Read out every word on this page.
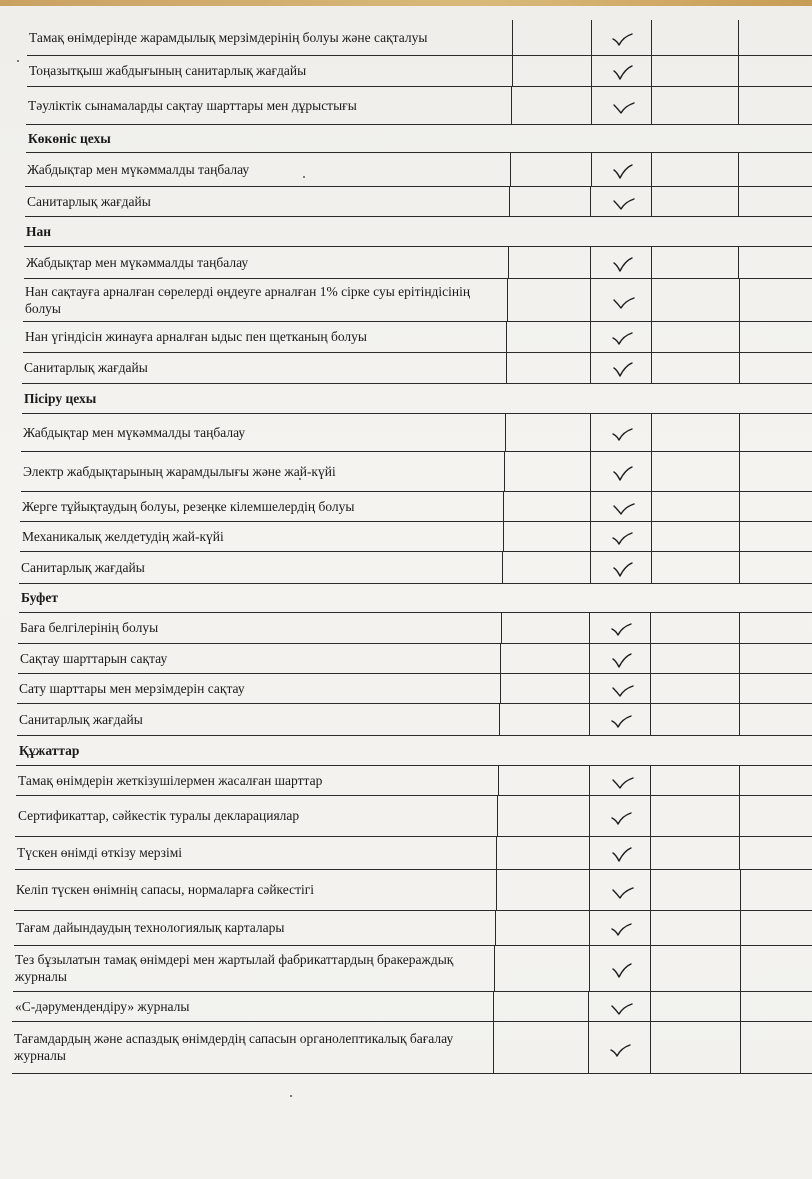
Тамақ өнімдерінде жарамдылық мерзімдерінің болуы және сақталуы
Тоңазытқыш жабдығының санитарлық жағдайы
Тәуліктік сынамаларды сақтау шарттары мен дұрыстығы
Көкөніс цехы
Жабдықтар мен мүкәммалды таңбалау
Санитарлық жағдайы
Нан
Жабдықтар мен мүкәммалды таңбалау
Нан сақтауға арналған сөрелерді өңдеуге арналған 1% сірке суы ерітіндісінің болуы
Нан үгіндісін жинауға арналған ыдыс пен щетканың болуы
Санитарлық жағдайы
Пісіру цехы
Жабдықтар мен мүкәммалды таңбалау
Электр жабдықтарының жарамдылығы және жай-күйі
Жерге тұйықтаудың болуы, резеңке кілемшелердің болуы
Механикалық желдетудің жай-күйі
Санитарлық жағдайы
Буфет
Баға белгілерінің болуы
Сақтау шарттарын сақтау
Сату шарттары мен мерзімдерін сақтау
Санитарлық жағдайы
Құжаттар
Тамақ өнімдерін жеткізушілермен жасалған шарттар
Сертификаттар, сәйкестік туралы декларациялар
Түскен өнімді өткізу мерзімі
Келіп түскен өнімнің сапасы, нормаларға сәйкестігі
Тағам дайындаудың технологиялық карталары
Тез бұзылатын тамақ өнімдері мен жартылай фабрикаттардың бракераждық журналы
«С-дәрумендендіру» журналы
Тағамдардың және аспаздық өнімдердің сапасын органолептикалық бағалау журналы
